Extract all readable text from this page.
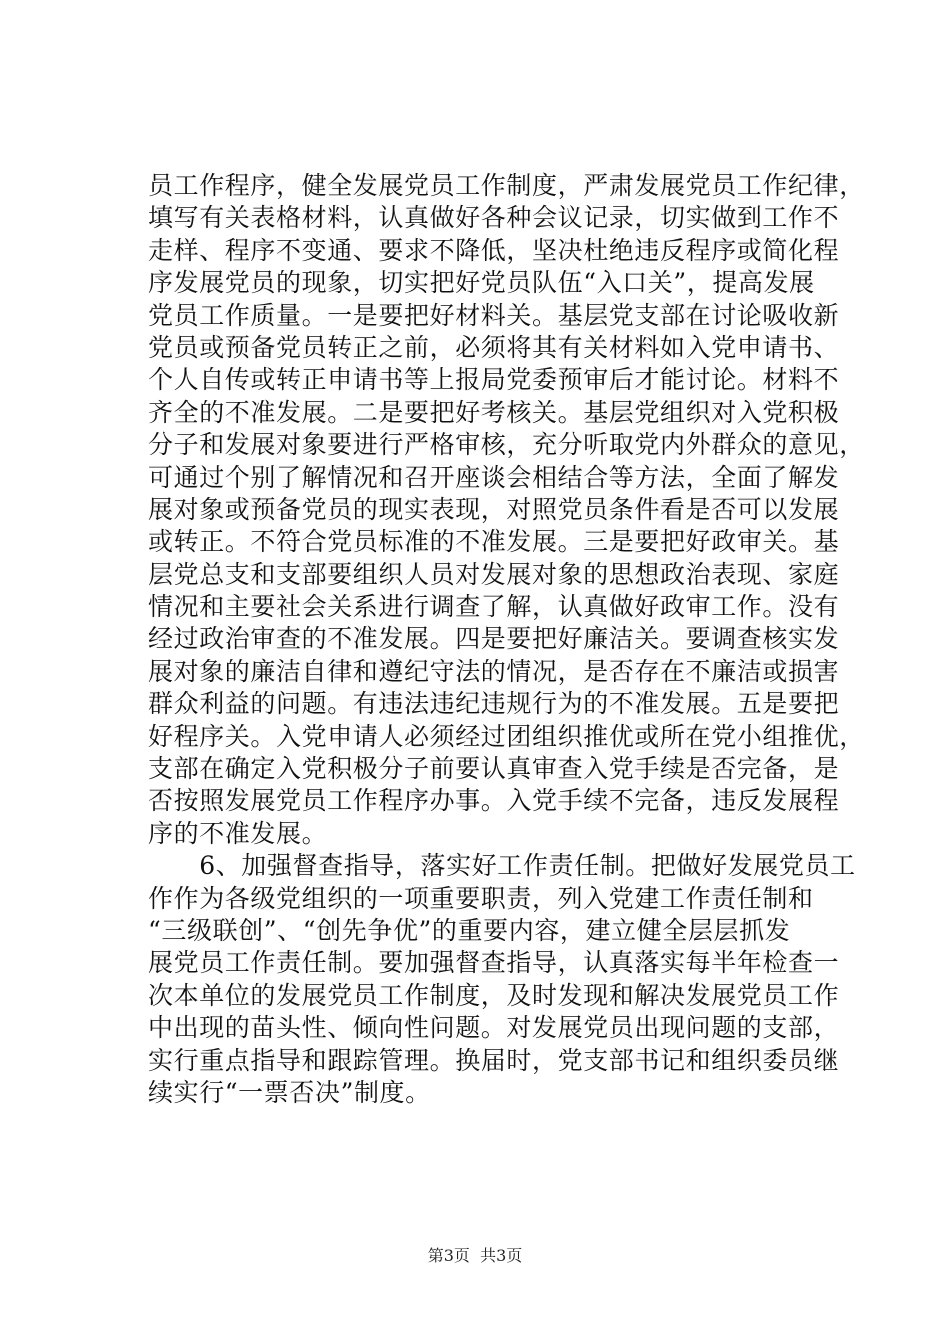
员工作程序，健全发展党员工作制度，严肃发展党员工作纪律，
填写有关表格材料，认真做好各种会议记录，切实做到工作不
走样、程序不变通、要求不降低，坚决杜绝违反程序或简化程
序发展党员的现象，切实把好党员队伍“入口关”，提高发展
党员工作质量。一是要把好材料关。基层党支部在讨论吸收新
党员或预备党员转正之前，必须将其有关材料如入党申请书、
个人自传或转正申请书等上报局党委预审后才能讨论。材料不
齐全的不准发展。二是要把好考核关。基层党组织对入党积极
分子和发展对象要进行严格审核，充分听取党内外群众的意见，
可通过个别了解情况和召开座谈会相结合等方法，全面了解发
展对象或预备党员的现实表现，对照党员条件看是否可以发展
或转正。不符合党员标准的不准发展。三是要把好政审关。基
层党总支和支部要组织人员对发展对象的思想政治表现、家庭
情况和主要社会关系进行调查了解，认真做好政审工作。没有
经过政治审查的不准发展。四是要把好廉洁关。要调查核实发
展对象的廉洁自律和遵纪守法的情况，是否存在不廉洁或损害
群众利益的问题。有违法违纪违规行为的不准发展。五是要把
好程序关。入党申请人必须经过团组织推优或所在党小组推优，
支部在确定入党积极分子前要认真审查入党手续是否完备，是
否按照发展党员工作程序办事。入党手续不完备，违反发展程
序的不准发展。
　　6、加强督查指导，落实好工作责任制。把做好发展党员工
作作为各级党组织的一项重要职责，列入党建工作责任制和
“三级联创”、“创先争优”的重要内容，建立健全层层抓发
展党员工作责任制。要加强督查指导，认真落实每半年检查一
次本单位的发展党员工作制度，及时发现和解决发展党员工作
中出现的苗头性、倾向性问题。对发展党员出现问题的支部，
实行重点指导和跟踪管理。换届时，党支部书记和组织委员继
续实行“一票否决”制度。
第3页  共3页
